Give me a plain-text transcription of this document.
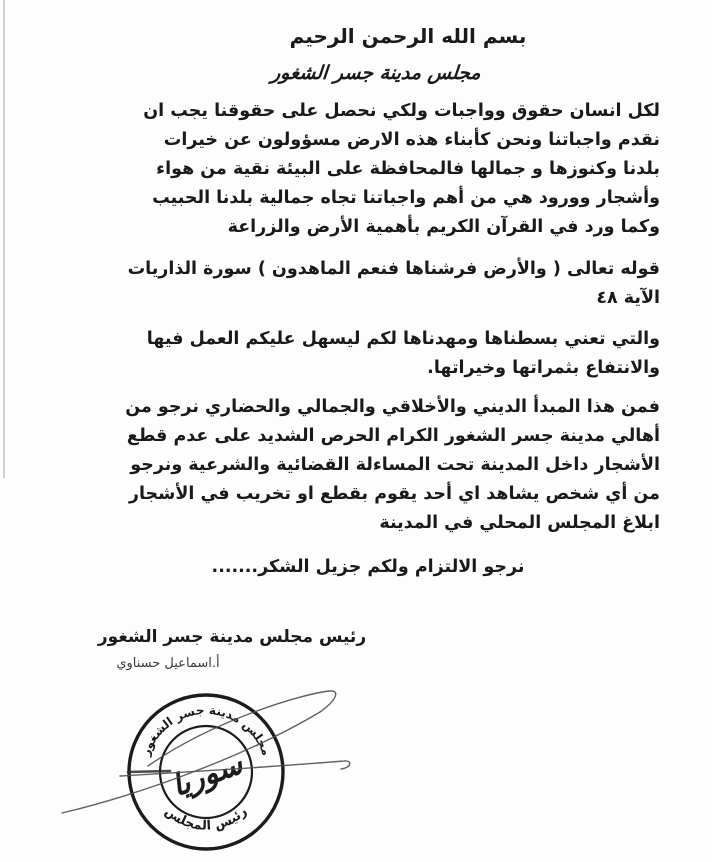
بسم الله الرحمن الرحيم
مجلس مدينة جسر الشغور
لكل انسان حقوق وواجبات ولكي نحصل على حقوقنا يجب ان
نقدم واجباتنا ونحن كأبناء هذه الارض مسؤولون عن خيرات
بلدنا وكنوزها و جمالها فالمحافظة على البيئة نقية من هواء
وأشجار وورود هي من أهم واجباتنا تجاه جمالية بلدنا الحبيب
وكما ورد في القرآن الكريم بأهمية الأرض والزراعة
قوله تعالى ( والأرض فرشناها فنعم الماهدون ) سورة الذاريات
الآية ٤٨
والتي تعني بسطناها ومهدناها لكم ليسهل عليكم العمل فيها
والانتفاع بثمراتها وخيراتها.
فمن هذا المبدأ الديني والأخلاقي والجمالي والحضاري نرجو من
أهالي مدينة جسر الشغور الكرام الحرص الشديد على عدم قطع
الأشجار داخل المدينة تحت المساءلة القضائية والشرعية ونرجو
من أي شخص يشاهد اي أحد يقوم بقطع او تخريب في الأشجار
ابلاغ المجلس المحلي في المدينة
نرجو الالتزام ولكم جزيل الشكر.......
رئيس مجلس مدينة جسر الشغور
أ.اسماعيل حسناوي
مجلس مدينة جسر الشغور
رئيس المجلس
سوريا
